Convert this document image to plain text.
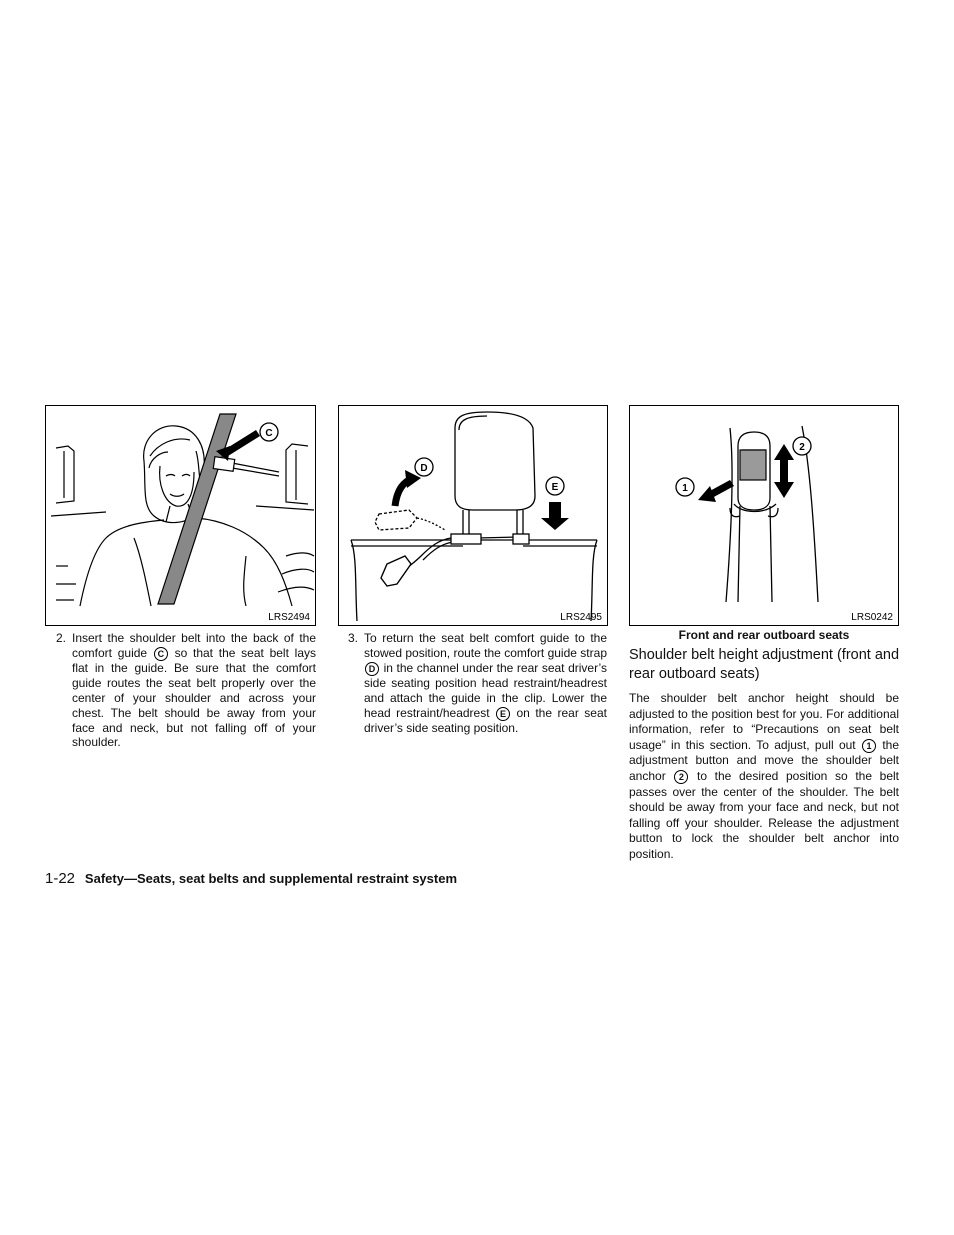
C
LRS2494
D
E
LRS2495
1
2
LRS0242
Front and rear outboard seats
2. Insert the shoulder belt into the back of the comfort guide C so that the seat belt lays flat in the guide. Be sure that the comfort guide routes the seat belt properly over the center of your shoulder and across your chest. The belt should be away from your face and neck, but not falling off of your shoulder.
3. To return the seat belt comfort guide to the stowed position, route the comfort guide strap D in the channel under the rear seat driver’s side seating position head restraint/headrest and attach the guide in the clip. Lower the head restraint/headrest E on the rear seat driver’s side seating position.
Shoulder belt height adjustment (front and rear outboard seats)
The shoulder belt anchor height should be adjusted to the position best for you. For additional information, refer to “Precautions on seat belt usage” in this section. To adjust, pull out 1 the adjustment button and move the shoulder belt anchor 2 to the desired position so the belt passes over the center of the shoulder. The belt should be away from your face and neck, but not falling off your shoulder. Release the adjustment button to lock the shoulder belt anchor into position.
1-22 Safety—Seats, seat belts and supplemental restraint system
